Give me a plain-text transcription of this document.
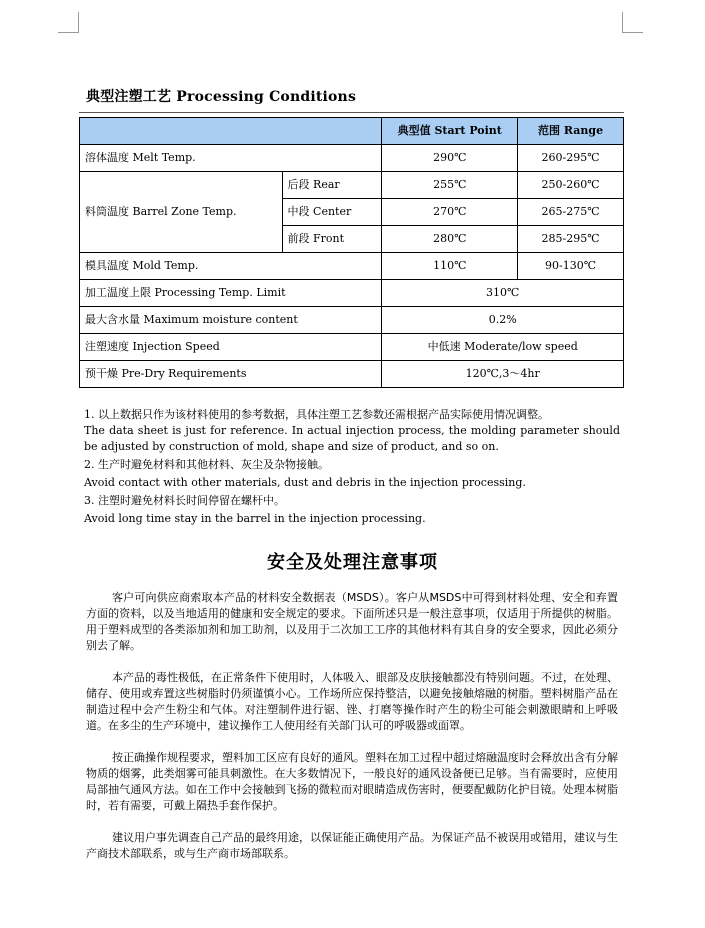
典型注塑工艺 Processing Conditions
		典型值 Start Point	范围 Range
溶体温度 Melt Temp.		290℃	260-295℃
料筒温度 Barrel Zone Temp.	后段 Rear	255℃	250-260℃
	中段 Center	270℃	265-275℃
	前段 Front	280℃	285-295℃
模具温度 Mold Temp.		110℃	90-130℃
加工温度上限 Processing Temp. Limit		310℃	
最大含水量 Maximum moisture content		0.2%	
注塑速度 Injection Speed		中低速 Moderate/low speed	
预干燥 Pre-Dry Requirements		120℃,3～4hr	

1. 以上数据只作为该材料使用的参考数据，具体注塑工艺参数还需根据产品实际使用情况调整。

The data sheet is just for reference. In actual injection process, the molding parameter should be adjusted by construction of mold, shape and size of product, and so on.

2. 生产时避免材料和其他材料、灰尘及杂物接触。

Avoid contact with other materials, dust and debris in the injection processing.

3. 注塑时避免材料长时间停留在螺杆中。

Avoid long time stay in the barrel in the injection processing.

安全及处理注意事项

客户可向供应商索取本产品的材料安全数据表（MSDS）。客户从MSDS中可得到材料处理、安全和弃置方面的资料，以及当地适用的健康和安全规定的要求。下面所述只是一般注意事项，仅适用于所提供的树脂。用于塑料成型的各类添加剂和加工助剂，以及用于二次加工工序的其他材料有其自身的安全要求，因此必须分别去了解。

本产品的毒性极低，在正常条件下使用时，人体吸入、眼部及皮肤接触都没有特别问题。不过，在处理、储存、使用或弃置这些树脂时仍须谨慎小心。工作场所应保持整洁，以避免接触熔融的树脂。塑料树脂产品在制造过程中会产生粉尘和气体。对注塑制件进行锯、锉、打磨等操作时产生的粉尘可能会刺激眼睛和上呼吸道。在多尘的生产环境中，建议操作工人使用经有关部门认可的呼吸器或面罩。

按正确操作规程要求，塑料加工区应有良好的通风。塑料在加工过程中超过熔融温度时会释放出含有分解物质的烟雾，此类烟雾可能具刺激性。在大多数情况下，一般良好的通风设备便已足够。当有需要时，应使用局部抽气通风方法。如在工作中会接触到飞扬的微粒而对眼睛造成伤害时，便要配戴防化护目镜。处理本树脂时，若有需要，可戴上隔热手套作保护。

建议用户事先调查自己产品的最终用途，以保证能正确使用产品。为保证产品不被误用或错用，建议与生产商技术部联系，或与生产商市场部联系。
